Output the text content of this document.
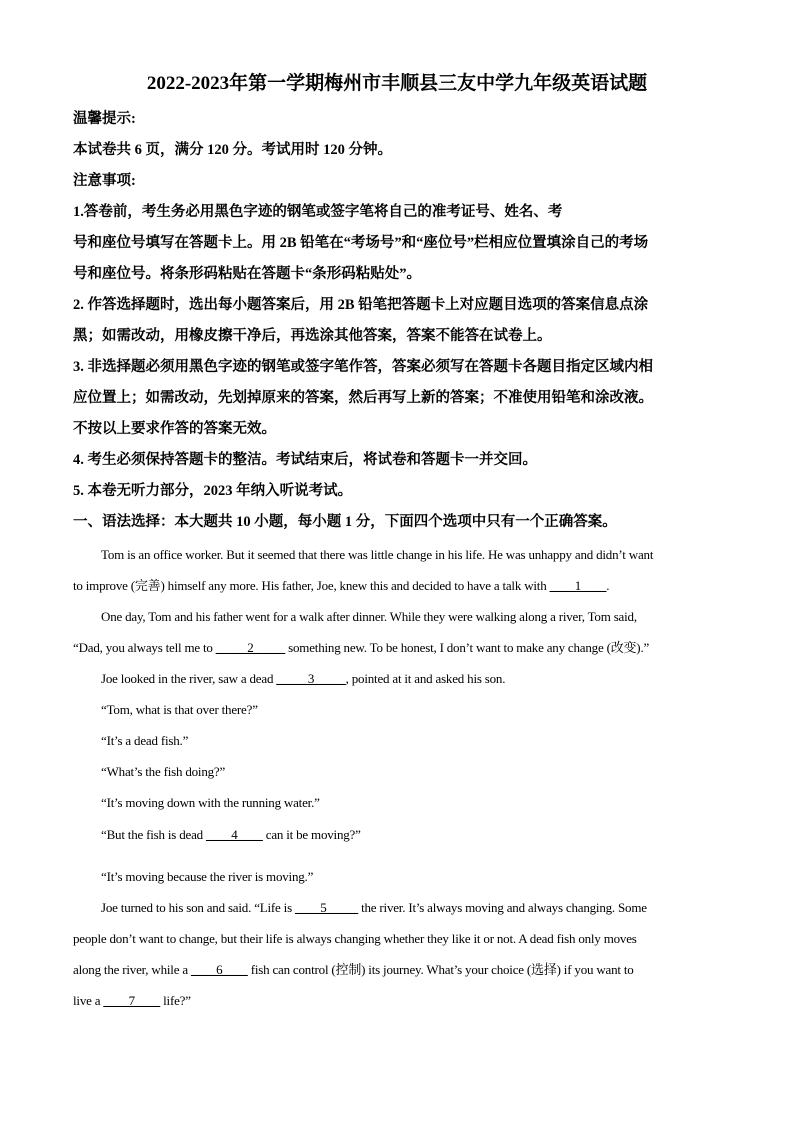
2022-2023年第一学期梅州市丰顺县三友中学九年级英语试题
温馨提示:
本试卷共 6 页，满分 120 分。考试用时 120 分钟。
注意事项:
1.答卷前，考生务必用黑色字迹的钢笔或签字笔将自己的准考证号、姓名、考
号和座位号填写在答题卡上。用 2B 铅笔在“考场号”和“座位号”栏相应位置填涂自己的考场
号和座位号。将条形码粘贴在答题卡“条形码粘贴处”。
2. 作答选择题时，选出每小题答案后，用 2B 铅笔把答题卡上对应题目选项的答案信息点涂
黑；如需改动，用橡皮擦干净后，再选涂其他答案，答案不能答在试卷上。
3. 非选择题必须用黑色字迹的钢笔或签字笔作答，答案必须写在答题卡各题目指定区域内相
应位置上；如需改动，先划掉原来的答案，然后再写上新的答案；不准使用铅笔和涂改液。
不按以上要求作答的答案无效。
4. 考生必须保持答题卡的整洁。考试结束后，将试卷和答题卡一并交回。
5. 本卷无听力部分，2023 年纳入听说考试。
一、语法选择：本大题共 10 小题，每小题 1 分，下面四个选项中只有一个正确答案。
Tom is an office worker. But it seemed that there was little change in his life. He was unhappy and didn’t want
to improve (完善) himself any more. His father, Joe, knew this and decided to have a talk with ____1____.
One day, Tom and his father went for a walk after dinner. While they were walking along a river, Tom said,
“Dad, you always tell me to _____2_____ something new. To be honest, I don’t want to make any change (改变).”
Joe looked in the river, saw a dead _____3_____, pointed at it and asked his son.
“Tom, what is that over there?”
“It’s a dead fish.”
“What’s the fish doing?”
“It’s moving down with the running water.”
“But the fish is dead ____4____ can it be moving?”
“It’s moving because the river is moving.”
Joe turned to his son and said. “Life is ____5_____ the river. It’s always moving and always changing. Some
people don’t want to change, but their life is always changing whether they like it or not. A dead fish only moves
along the river, while a ____6____ fish can control (控制) its journey. What’s your choice (选择) if you want to
live a ____7____ life?”
